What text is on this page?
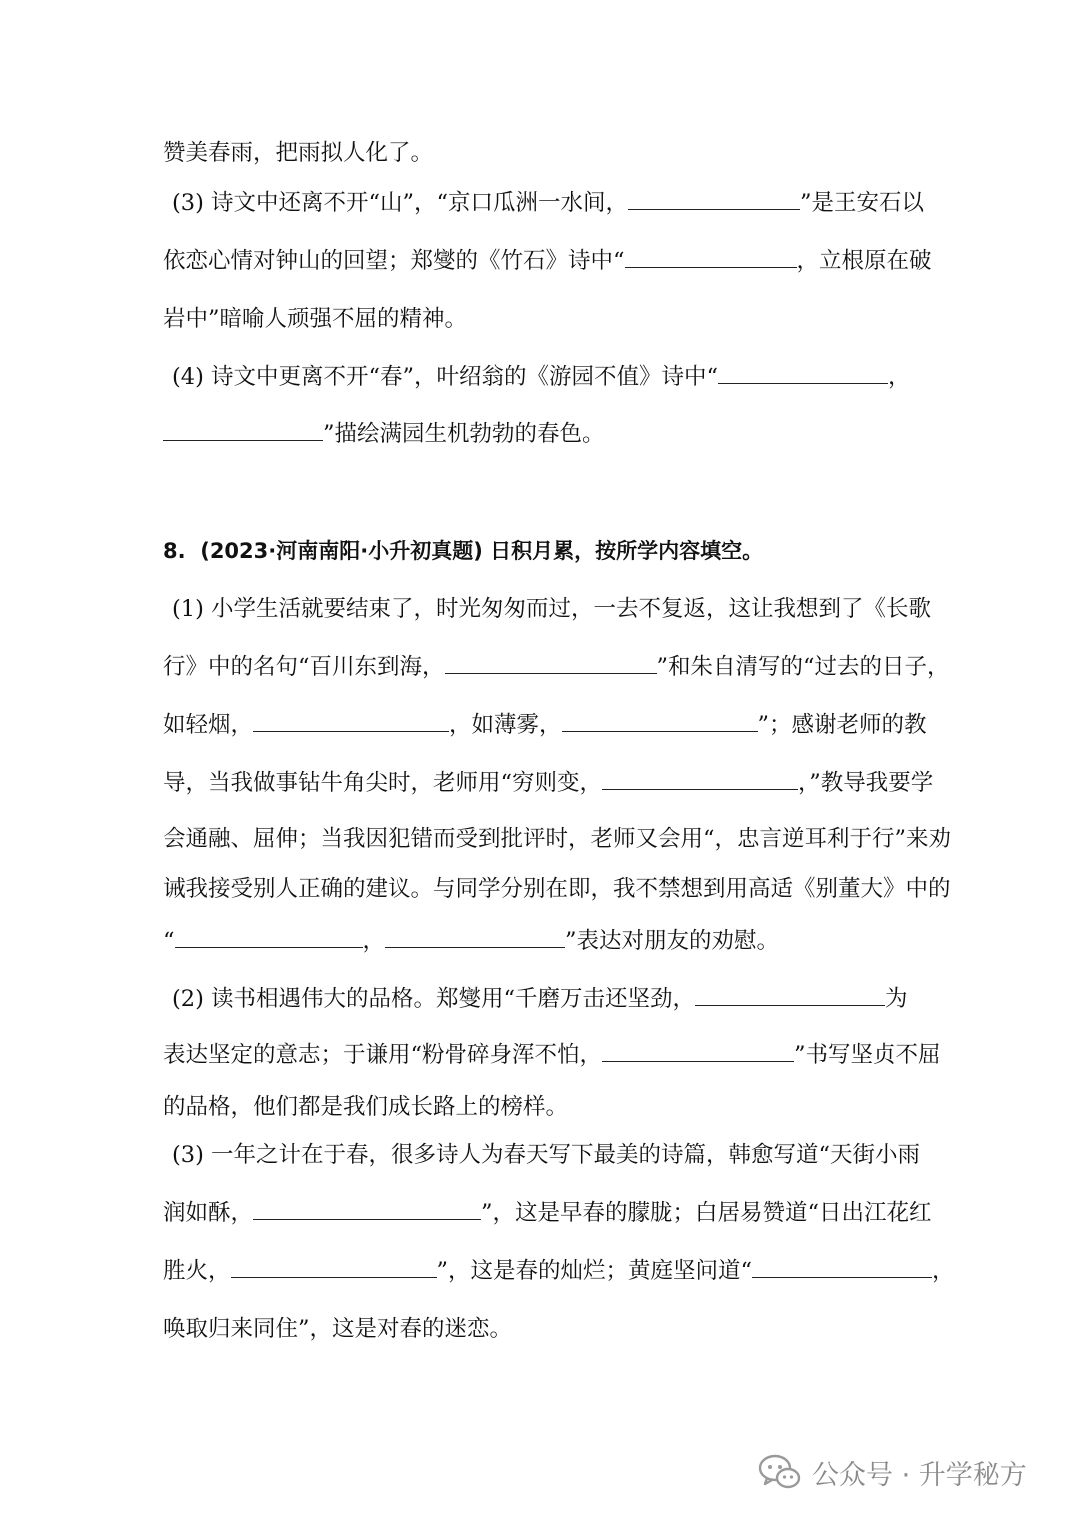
赞美春雨，把雨拟人化了。
(3) 诗文中还离不开“山”，“京口瓜洲一水间，	”是王安石以
依恋心情对钟山的回望；郑燮的《竹石》诗中“	，立根原在破
岩中”暗喻人顽强不屈的精神。
(4) 诗文中更离不开“春”，叶绍翁的《游园不值》诗中“	，
”描绘满园生机勃勃的春色。
8. (2023·河南南阳·小升初真题) 日积月累，按所学内容填空。
(1) 小学生活就要结束了，时光匆匆而过，一去不复返，这让我想到了《长歌
行》中的名句“百川东到海，	”和朱自清写的“过去的日子，
如轻烟，	，如薄雾，	”；感谢老师的教
导，当我做事钻牛角尖时，老师用“穷则变，	，”教导我要学
会通融、屈伸；当我因犯错而受到批评时，老师又会用“，忠言逆耳利于行”来劝
诫我接受别人正确的建议。与同学分别在即，我不禁想到用高适《别董大》中的
“	，	”表达对朋友的劝慰。
(2) 读书相遇伟大的品格。郑燮用“千磨万击还坚劲，	为
表达坚定的意志；于谦用“粉骨碎身浑不怕，	”书写坚贞不屈
的品格，他们都是我们成长路上的榜样。
(3) 一年之计在于春，很多诗人为春天写下最美的诗篇，韩愈写道“天街小雨
润如酥，	”，这是早春的朦胧；白居易赞道“日出江花红
胜火，	”，这是春的灿烂；黄庭坚问道“	，
唤取归来同住”，这是对春的迷恋。
公众号 · 升学秘方
